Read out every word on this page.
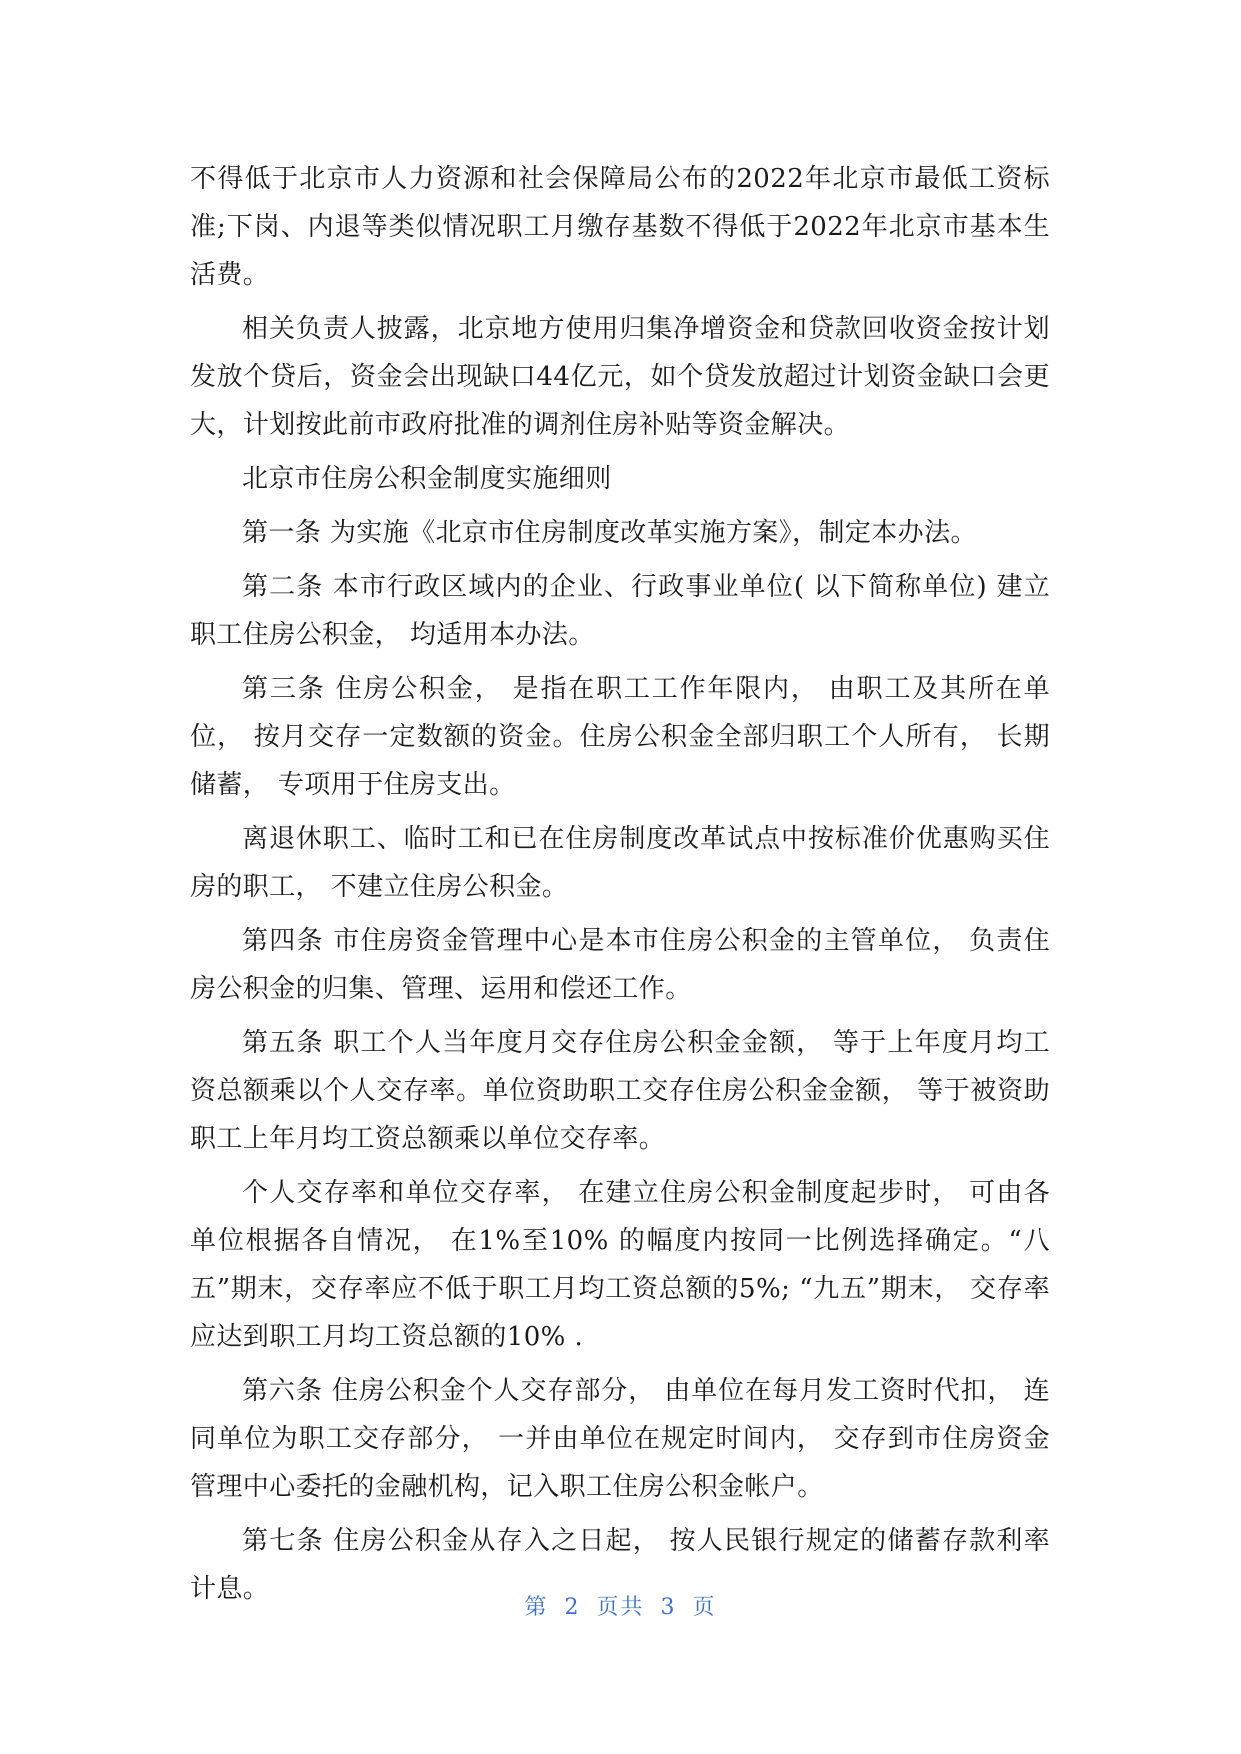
不得低于北京市人力资源和社会保障局公布的2022年北京市最低工资标准;下岗、内退等类似情况职工月缴存基数不得低于2022年北京市基本生活费。

相关负责人披露，北京地方使用归集净增资金和贷款回收资金按计划发放个贷后，资金会出现缺口44亿元，如个贷发放超过计划资金缺口会更大，计划按此前市政府批准的调剂住房补贴等资金解决。

北京市住房公积金制度实施细则

第一条 为实施《北京市住房制度改革实施方案》，制定本办法。

第二条 本市行政区域内的企业、行政事业单位( 以下简称单位) 建立职工住房公积金， 均适用本办法。

第三条 住房公积金， 是指在职工工作年限内， 由职工及其所在单位， 按月交存一定数额的资金。住房公积金全部归职工个人所有， 长期储蓄， 专项用于住房支出。

离退休职工、临时工和已在住房制度改革试点中按标准价优惠购买住房的职工， 不建立住房公积金。

第四条 市住房资金管理中心是本市住房公积金的主管单位， 负责住房公积金的归集、管理、运用和偿还工作。

第五条 职工个人当年度月交存住房公积金金额， 等于上年度月均工资总额乘以个人交存率。单位资助职工交存住房公积金金额， 等于被资助职工上年月均工资总额乘以单位交存率。

个人交存率和单位交存率， 在建立住房公积金制度起步时， 可由各单位根据各自情况， 在1%至10% 的幅度内按同一比例选择确定。“八五”期末，交存率应不低于职工月均工资总额的5%; “九五”期末， 交存率应达到职工月均工资总额的10% .

第六条 住房公积金个人交存部分， 由单位在每月发工资时代扣， 连同单位为职工交存部分， 一并由单位在规定时间内， 交存到市住房资金管理中心委托的金融机构，记入职工住房公积金帐户。

第七条 住房公积金从存入之日起， 按人民银行规定的储蓄存款利率计息。

第 2 页共 3 页
